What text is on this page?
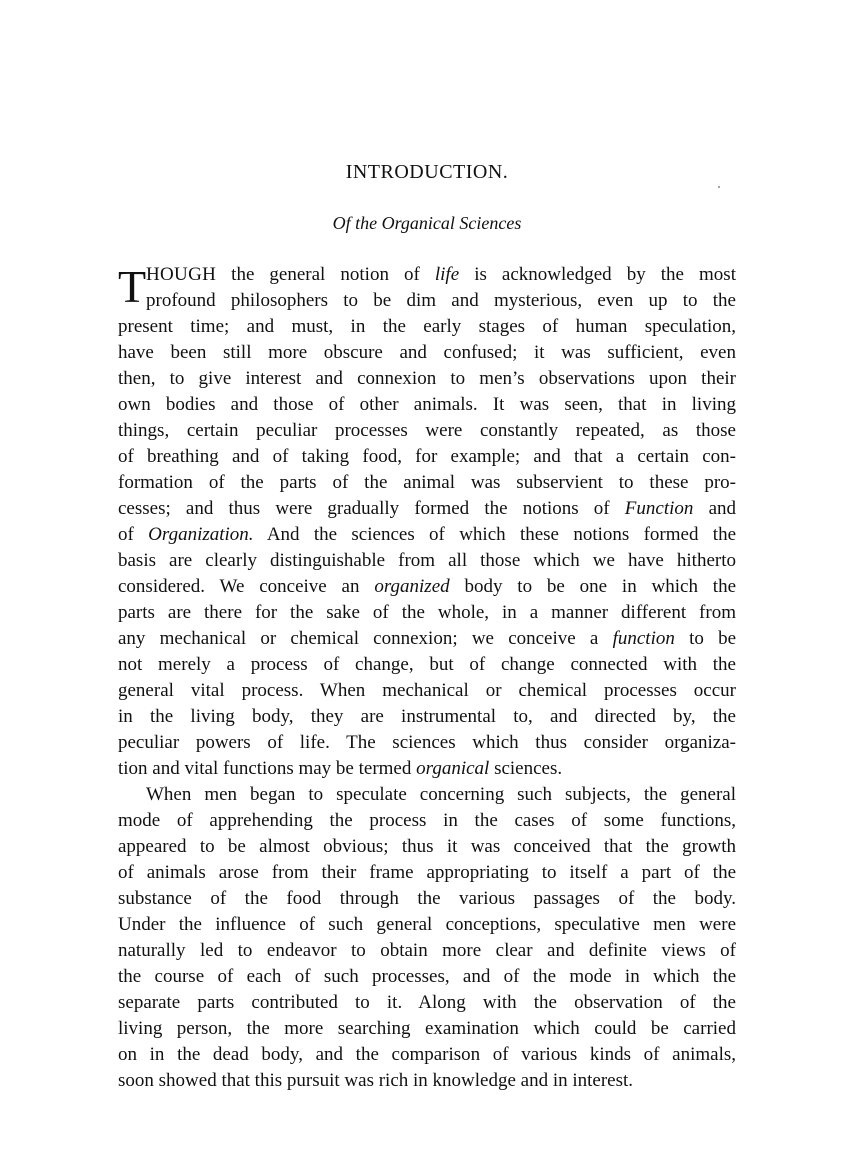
INTRODUCTION.
Of the Organical Sciences
T HOUGH the general notion of life is acknowledged by the most
profound philosophers to be dim and mysterious, even up to the
present time; and must, in the early stages of human speculation,
have been still more obscure and confused; it was sufficient, even
then, to give interest and connexion to men’s observations upon their
own bodies and those of other animals. It was seen, that in living
things, certain peculiar processes were constantly repeated, as those
of breathing and of taking food, for example; and that a certain con-
formation of the parts of the animal was subservient to these pro-
cesses; and thus were gradually formed the notions of Function and
of Organization. And the sciences of which these notions formed the
basis are clearly distinguishable from all those which we have hitherto
considered. We conceive an organized body to be one in which the
parts are there for the sake of the whole, in a manner different from
any mechanical or chemical connexion; we conceive a function to be
not merely a process of change, but of change connected with the
general vital process. When mechanical or chemical processes occur
in the living body, they are instrumental to, and directed by, the
peculiar powers of life. The sciences which thus consider organiza-
tion and vital functions may be termed organical sciences.
When men began to speculate concerning such subjects, the general
mode of apprehending the process in the cases of some functions,
appeared to be almost obvious; thus it was conceived that the growth
of animals arose from their frame appropriating to itself a part of the
substance of the food through the various passages of the body.
Under the influence of such general conceptions, speculative men were
naturally led to endeavor to obtain more clear and definite views of
the course of each of such processes, and of the mode in which the
separate parts contributed to it. Along with the observation of the
living person, the more searching examination which could be carried
on in the dead body, and the comparison of various kinds of animals,
soon showed that this pursuit was rich in knowledge and in interest.
